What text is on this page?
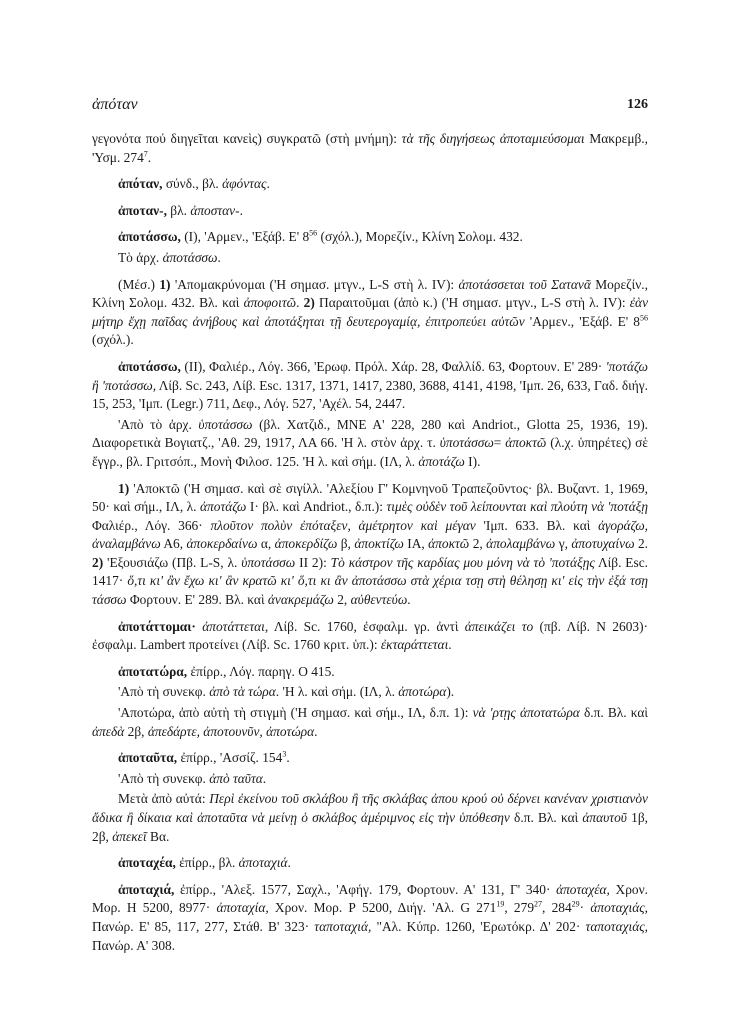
ἀπόταν	126

γεγονότα πού διηγεῖται κανεὶς) συγκρατῶ (στὴ μνήμη): τὰ τῆς διηγήσεως ἀποταμιεύσομαι Μακρεμβ., 'Υσμ. $274^7$.

ἀπόταν, σύνδ., βλ. ἀφόντας.

ἀποταν-, βλ. ἀποσταν-.

ἀποτάσσω, (I), 'Αρμεν., 'Εξάβ. Ε' $8^{56}$ (σχόλ.), Μορεζίν., Κλίνη Σολομ. 432.

Τὸ ἀρχ. ἀποτάσσω.

(Μέσ.) 1) 'Απομακρύνομαι ('Η σημασ. μτγν., L-S στὴ λ. IV): ἀποτάσσεται τοῦ Σατανᾶ Μορεζίν., Κλίνη Σολομ. 432. Βλ. καὶ ἀποφοιτῶ. 2) Παραιτοῦμαι (ἀπὸ κ.) ('Η σημασ. μτγν., L-S στὴ λ. IV): ἐὰν μήτηρ ἔχῃ παῖδας ἀνήβους καὶ ἀποτάξηται τῇ δευτερογαμίᾳ, ἐπιτροπεύει αὐτῶν 'Αρμεν., 'Εξάβ. Ε' $8^{56}$ (σχόλ.).

ἀποτάσσω, (II), Φαλιέρ., Λόγ. 366, 'Ερωφ. Πρόλ. Χάρ. 28, Φαλλίδ. 63, Φορτουν. Ε' 289· 'ποτάζω ἢ 'ποτάσσω, Λίβ. Sc. 243, Λίβ. Esc. 1317, 1371, 1417, 2380, 3688, 4141, 4198, 'Ιμπ. 26, 633, Γαδ. διήγ. 15, 253, 'Ιμπ. (Legr.) 711, Δεφ., Λόγ. 527, 'Αχέλ. 54, 2447.

'Απὸ τὸ ἀρχ. ὑποτάσσω (βλ. Χατζιδ., ΜΝΕ Α' 228, 280 καὶ Andriot., Glotta 25, 1936, 19). Διαφορετικὰ Βογιατζ., 'Αθ. 29, 1917, ΛΑ 66. 'Η λ. στὸν ἀρχ. τ. ὑποτάσσω= ἀποκτῶ (λ.χ. ὑπηρέτες) σὲ ἔγγρ., βλ. Γριτσόπ., Μονὴ Φιλοσ. 125. 'Η λ. καὶ σήμ. (ΙΛ, λ. ἀποτάζω I).

1) 'Αποκτῶ ('Η σημασ. καὶ σὲ σιγίλλ. 'Αλεξίου Γ' Κομνηνοῦ Τραπεζοῦντος· βλ. Βυζαντ. 1, 1969, 50· καὶ σήμ., ΙΛ, λ. ἀποτάζω I· βλ. καὶ Andriot., δ.π.): τιμὲς οὐδὲν τοῦ λείπουνται καὶ πλούτη νὰ 'ποτάξῃ Φαλιέρ., Λόγ. 366· πλοῦτον πολὺν ἐπόταξεν, ἀμέτρητον καὶ μέγαν 'Ιμπ. 633. Βλ. καὶ ἀγοράζω, ἀναλαμβάνω Α6, ἀποκερδαίνω α, ἀποκερδίζω β, ἀποκτίζω ΙΑ, ἀποκτῶ 2, ἀπολαμβάνω γ, ἀποτυχαίνω 2. 2) 'Εξουσιάζω (Πβ. L-S, λ. ὑποτάσσω II 2): Τὸ κάστρον τῆς καρδίας μου μόνη νὰ τὸ 'ποτάξῃς Λίβ. Esc. 1417· ὅ,τι κι' ἂν ἔχω κι' ἂν κρατῶ κι' ὅ,τι κι ἂν ἀποτάσσω στὰ χέρια τσῃ στὴ θέλησῃ κι' εἰς τὴν ἐξά τσῃ τάσσω Φορτουν. Ε' 289. Βλ. καὶ ἀνακρεμάζω 2, αὐθεντεύω.

ἀποτάττομαι· ἀποτάττεται, Λίβ. Sc. 1760, ἐσφαλμ. γρ. ἀντὶ ἀπεικάζει το (πβ. Λίβ. Ν 2603)· ἐσφαλμ. Lambert προτείνει (Λίβ. Sc. 1760 κριτ. ὑπ.): ἐκταράττεται.

ἀποτατώρα, ἐπίρρ., Λόγ. παρηγ. Ο 415.

'Απὸ τὴ συνεκφ. ἀπὸ τὰ τώρα. 'Η λ. καὶ σήμ. (ΙΛ, λ. ἀποτώρα).

'Αποτώρα, ἀπὸ αὐτὴ τὴ στιγμὴ ('Η σημασ. καὶ σήμ., ΙΛ, δ.π. 1): νὰ 'ρτῃς ἀποτατώρα δ.π. Βλ. καὶ ἀπεδὰ 2β, ἀπεδάρτε, ἀποτουνῦν, ἀποτώρα.

ἀποταῦτα, ἐπίρρ., 'Ασσίζ. $154^3$.

'Απὸ τὴ συνεκφ. ἀπὸ ταῦτα.

Μετὰ ἀπὸ αὐτά: Περὶ ἐκείνου τοῦ σκλάβου ἢ τῆς σκλάβας ἀπου κρού οὐ δέρνει κανέναν χριστιανὸν ἄδικα ἢ δίκαια καὶ ἀποταῦτα νὰ μείνῃ ὁ σκλάβος ἀμέριμνος εἰς τὴν ὑπόθεσην δ.π. Βλ. καὶ ἀπαυτοῦ 1β, 2β, ἀπεκεῖ Βα.

ἀποταχέα, ἐπίρρ., βλ. ἀποταχιά.

ἀποταχιά, ἐπίρρ., 'Αλεξ. 1577, Σαχλ., 'Αφήγ. 179, Φορτουν. Α' 131, Γ' 340· ἀποταχέα, Χρον. Μορ. Η 5200, 8977· ἀποταχία, Χρον. Μορ. Ρ 5200, Διήγ. 'Αλ. G $271^{19}$, $279^{27}$, $284^{29}\cdot$ ἀποταχιάς, Πανώρ. Ε' 85, 117, 277, Στάθ. Β' 323· ταποταχιά, "Αλ. Κύπρ. 1260, 'Ερωτόκρ. Δ' 202· ταποταχιάς, Πανώρ. Α' 308.
